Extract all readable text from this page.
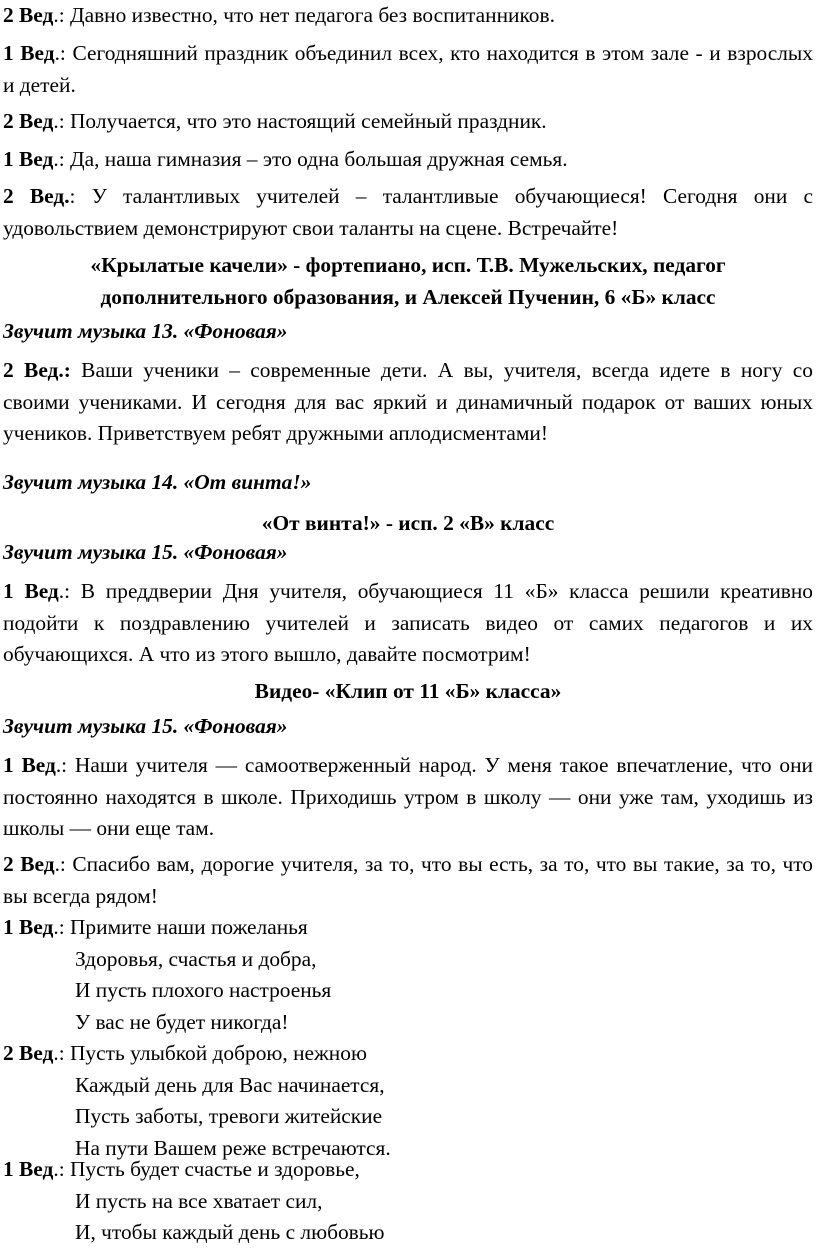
2 Вед.: Давно известно, что нет педагога без воспитанников.

1 Вед.: Сегодняшний праздник объединил всех, кто находится в этом зале - и взрослых и детей.

2 Вед.: Получается, что это настоящий семейный праздник.

1 Вед.: Да, наша гимназия – это одна большая дружная семья.

2 Вед.: У талантливых учителей – талантливые обучающиеся! Сегодня они с удовольствием демонстрируют свои таланты на сцене. Встречайте!

«Крылатые качели» - фортепиано, исп. Т.В. Мужельских, педагог
дополнительного образования, и Алексей Пученин, 6 «Б» класс

Звучит музыка 13. «Фоновая»

2 Вед.: Ваши ученики – современные дети. А вы, учителя, всегда идете в ногу со своими учениками. И сегодня для вас яркий и динамичный подарок от ваших юных учеников. Приветствуем ребят дружными аплодисментами!

Звучит музыка 14. «От винта!»

«От винта!» - исп. 2 «В» класс

Звучит музыка 15. «Фоновая»

1 Вед.: В преддверии Дня учителя, обучающиеся 11 «Б» класса решили креативно подойти к поздравлению учителей и записать видео от самих педагогов и их обучающихся. А что из этого вышло, давайте посмотрим!

Видео- «Клип от 11 «Б» класса»

Звучит музыка 15. «Фоновая»

1 Вед.: Наши учителя — самоотверженный народ. У меня такое впечатление, что они постоянно находятся в школе. Приходишь утром в школу — они уже там, уходишь из школы — они еще там.

2 Вед.: Спасибо вам, дорогие учителя, за то, что вы есть, за то, что вы такие, за то, что вы всегда рядом!

1 Вед.: Примите наши пожеланья
Здоровья, счастья и добра,
И пусть плохого настроенья
У вас не будет никогда!
2 Вед.: Пусть улыбкой доброю, нежною
Каждый день для Вас начинается,
Пусть заботы, тревоги житейские
На пути Вашем реже встречаются.
1 Вед.: Пусть будет счастье и здоровье,
И пусть на все хватает сил,
И, чтобы каждый день с любовью
